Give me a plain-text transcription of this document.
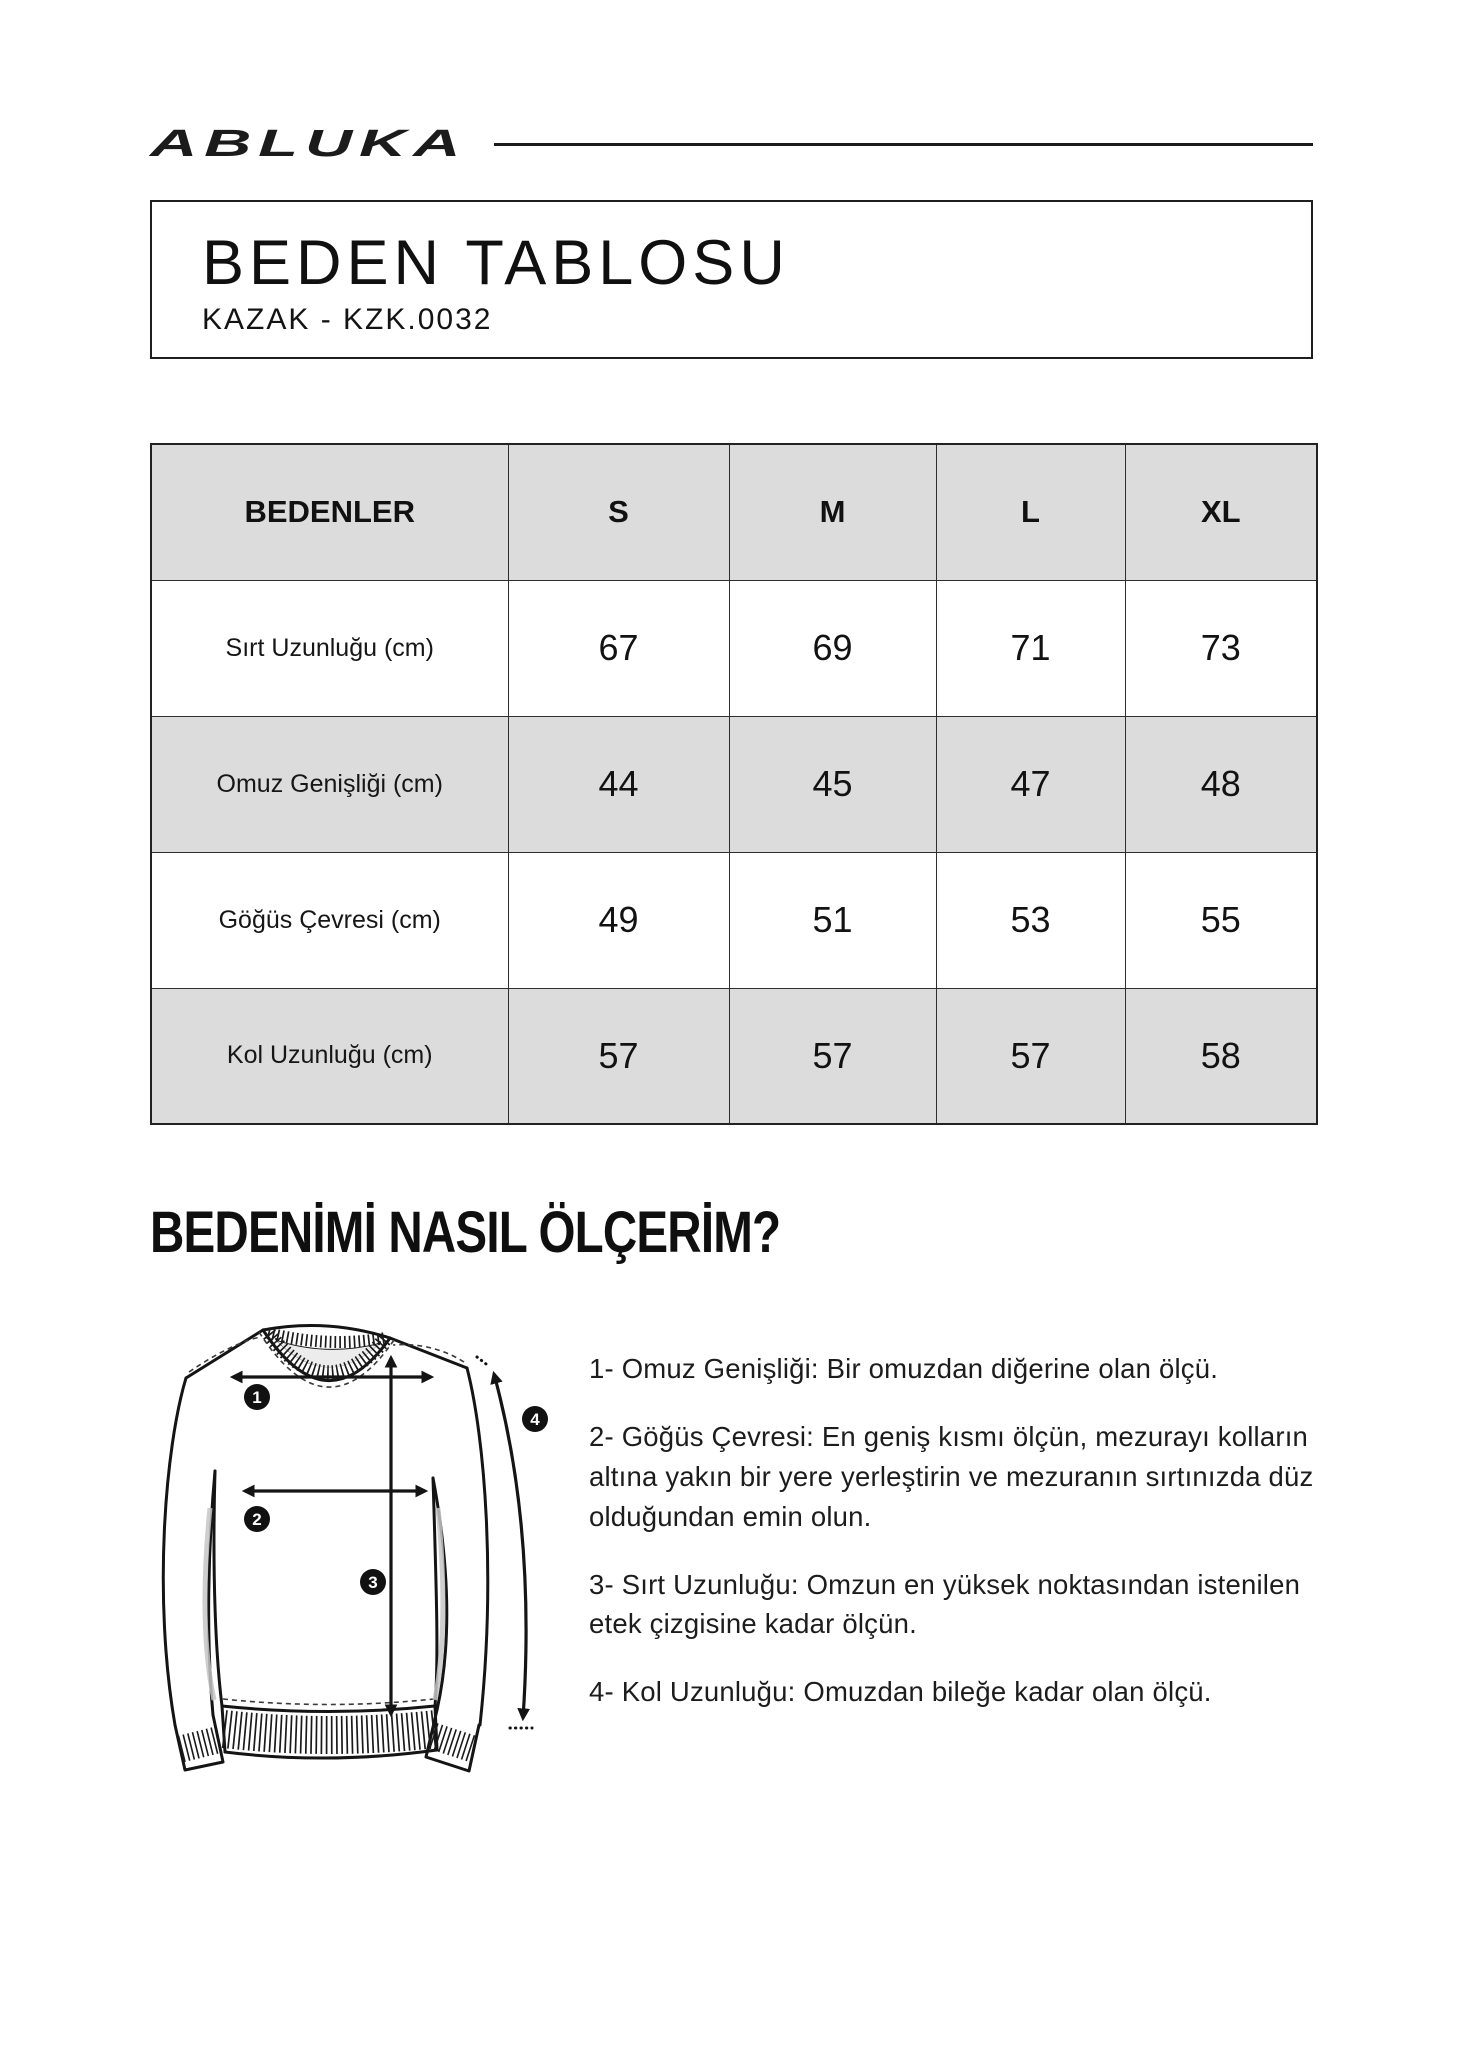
ABLUKA
BEDEN TABLOSU
KAZAK - KZK.0032
BEDENLER	S	M	L	XL
Sırt Uzunluğu (cm)	67	69	71	73
Omuz Genişliği (cm)	44	45	47	48
Göğüs Çevresi (cm)	49	51	53	55
Kol Uzunluğu (cm)	57	57	57	58
BEDENİMİ NASIL ÖLÇERİM?
1
2
3
4

1- Omuz Genişliği: Bir omuzdan diğerine olan ölçü.

2- Göğüs Çevresi: En geniş kısmı ölçün, mezurayı kolların altına yakın bir yere yerleştirin ve mezuranın sırtınızda düz olduğundan emin olun.

3- Sırt Uzunluğu: Omzun en yüksek noktasından istenilen etek çizgisine kadar ölçün.

4- Kol Uzunluğu: Omuzdan bileğe kadar olan ölçü.
